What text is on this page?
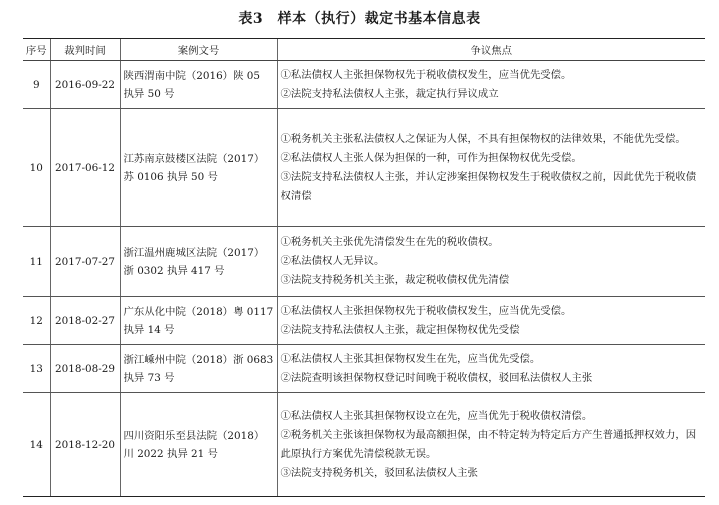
表3　样本（执行）裁定书基本信息表
序号	裁判时间	案例文号	争议焦点
9	2016-09-22	陕西渭南中院（2016）陕 05 执异 50 号	①私法债权人主张担保物权先于税收债权发生，应当优先受偿。
②法院支持私法债权人主张，裁定执行异议成立

10	2017-06-12	江苏南京鼓楼区法院（2017）苏 0106 执异 50 号	①税务机关主张私法债权人之保证为人保，不具有担保物权的法律效果，不能优先受偿。
②私法债权人主张人保为担保的一种，可作为担保物权优先受偿。
③法院支持私法债权人主张，并认定涉案担保物权发生于税收债权之前，因此优先于税收债权清偿

11	2017-07-27	浙江温州鹿城区法院（2017）浙 0302 执异 417 号	①税务机关主张优先清偿发生在先的税收债权。
②私法债权人无异议。
③法院支持税务机关主张，裁定税收债权优先清偿

12	2018-02-27	广东从化中院（2018）粤 0117 执异 14 号	①私法债权人主张担保物权先于税收债权发生，应当优先受偿。
②法院支持私法债权人主张，裁定担保物权优先受偿

13	2018-08-29	浙江嵊州中院（2018）浙 0683 执异 73 号	①私法债权人主张其担保物权发生在先，应当优先受偿。
②法院查明该担保物权登记时间晚于税收债权，驳回私法债权人主张

14	2018-12-20	四川资阳乐至县法院（2018）川 2022 执异 21 号	①私法债权人主张其担保物权设立在先，应当优先于税收债权清偿。
②税务机关主张该担保物权为最高额担保，由不特定转为特定后方产生普通抵押权效力，因此原执行方案优先清偿税款无误。
③法院支持税务机关，驳回私法债权人主张
